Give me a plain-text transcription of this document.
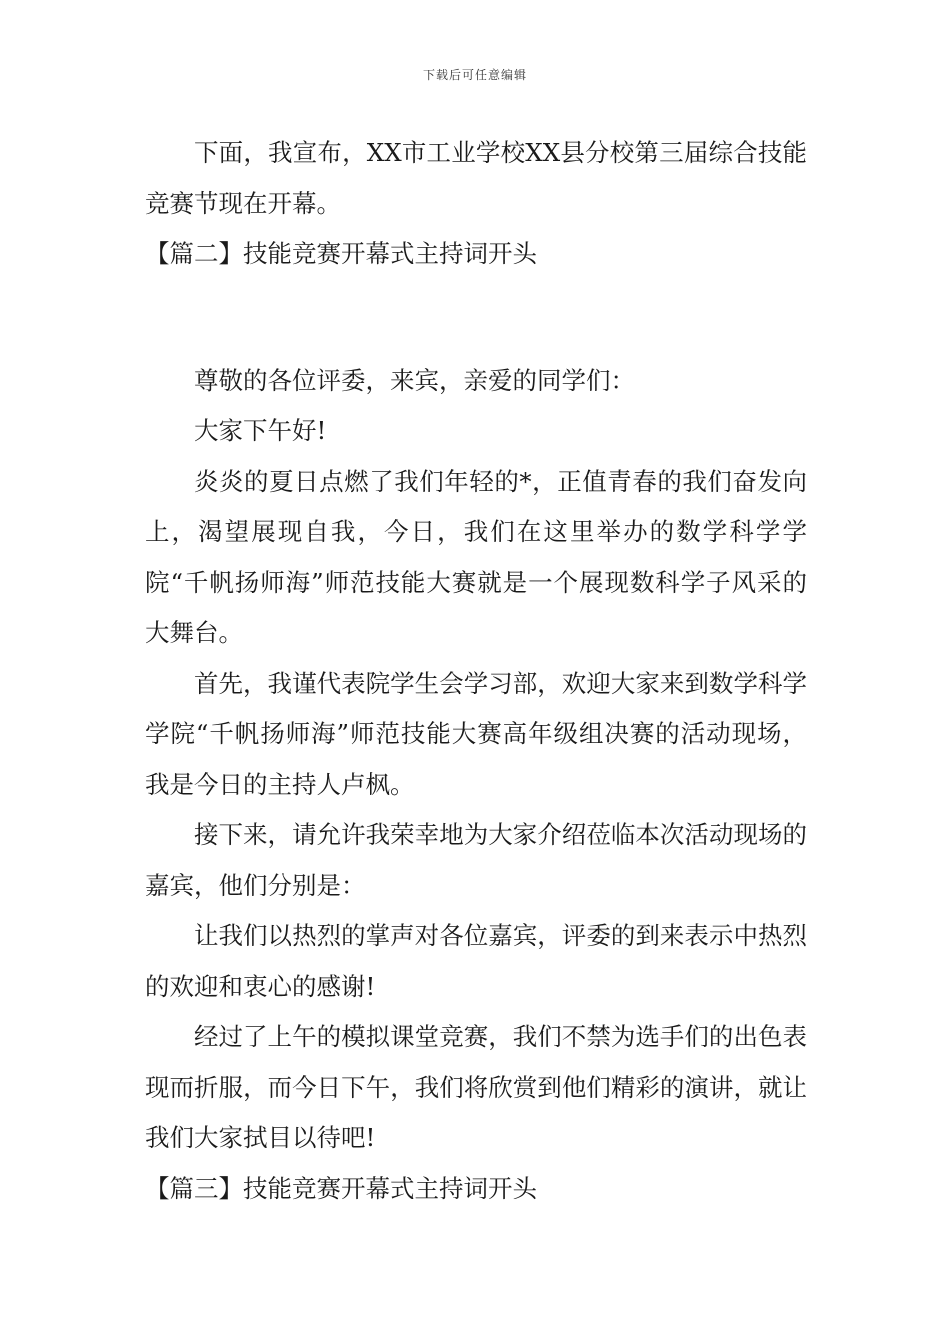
下载后可任意编辑

下面，我宣布，XX市工业学校XX县分校第三届综合技能竞赛节现在开幕。

【篇二】技能竞赛开幕式主持词开头

尊敬的各位评委，来宾，亲爱的同学们：

大家下午好!

炎炎的夏日点燃了我们年轻的*，正值青春的我们奋发向上，渴望展现自我，今日，我们在这里举办的数学科学学院“千帆扬师海”师范技能大赛就是一个展现数科学子风采的大舞台。

首先，我谨代表院学生会学习部，欢迎大家来到数学科学学院“千帆扬师海”师范技能大赛高年级组决赛的活动现场，我是今日的主持人卢枫。

接下来，请允许我荣幸地为大家介绍莅临本次活动现场的嘉宾，他们分别是：

让我们以热烈的掌声对各位嘉宾，评委的到来表示中热烈的欢迎和衷心的感谢!

经过了上午的模拟课堂竞赛，我们不禁为选手们的出色表现而折服，而今日下午，我们将欣赏到他们精彩的演讲，就让我们大家拭目以待吧!

【篇三】技能竞赛开幕式主持词开头
